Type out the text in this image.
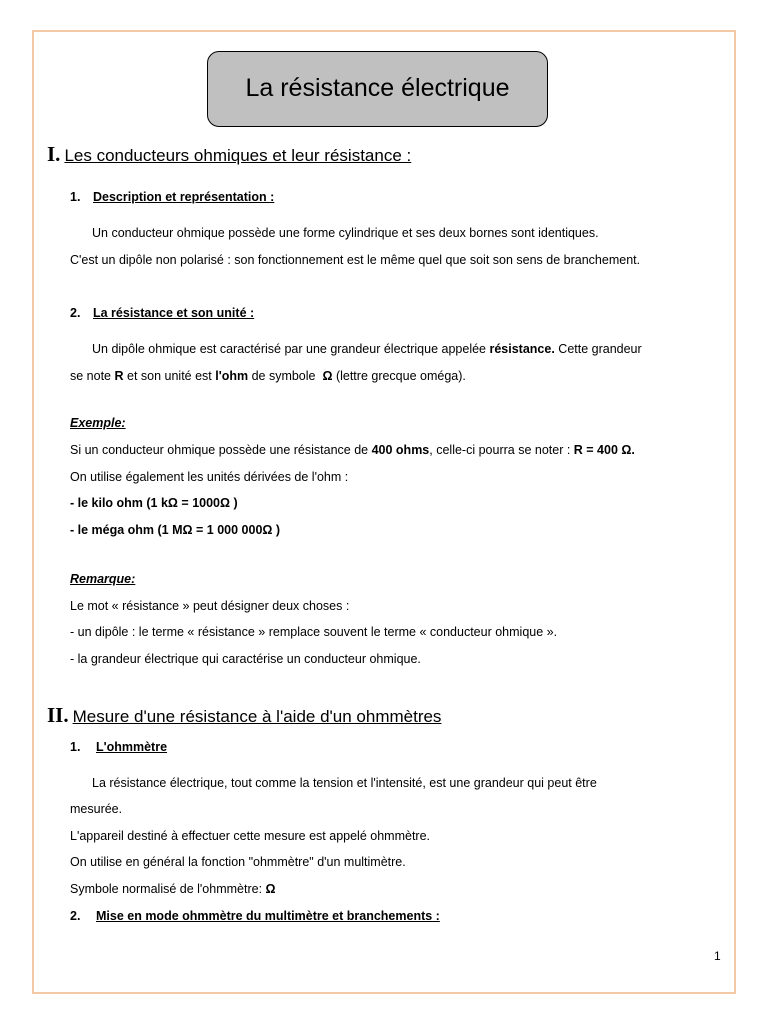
La résistance électrique
I. Les conducteurs ohmiques et leur résistance :
1. Description et représentation :
Un conducteur ohmique possède une forme cylindrique et ses deux bornes sont identiques.
C'est un dipôle non polarisé : son fonctionnement est le même quel que soit son sens de branchement.
2. La résistance et son unité :
Un dipôle ohmique est caractérisé par une grandeur électrique appelée résistance. Cette grandeur
se note R et son unité est l'ohm de symbole  Ω (lettre grecque oméga).
Exemple:
Si un conducteur ohmique possède une résistance de 400 ohms, celle-ci pourra se noter : R = 400 Ω.
On utilise également les unités dérivées de l'ohm :
- le kilo ohm (1 kΩ = 1000Ω )
- le méga ohm (1 MΩ = 1 000 000Ω )
Remarque:
Le mot « résistance » peut désigner deux choses :
- un dipôle : le terme « résistance » remplace souvent le terme « conducteur ohmique ».
- la grandeur électrique qui caractérise un conducteur ohmique.
II. Mesure d'une résistance à l'aide d'un ohmmètres
1. L'ohmmètre
La résistance électrique, tout comme la tension et l'intensité, est une grandeur qui peut être
mesurée.
L'appareil destiné à effectuer cette mesure est appelé ohmmètre.
On utilise en général la fonction "ohmmètre" d'un multimètre.
Symbole normalisé de l'ohmmètre: Ω
2. Mise en mode ohmmètre du multimètre et branchements :
1
